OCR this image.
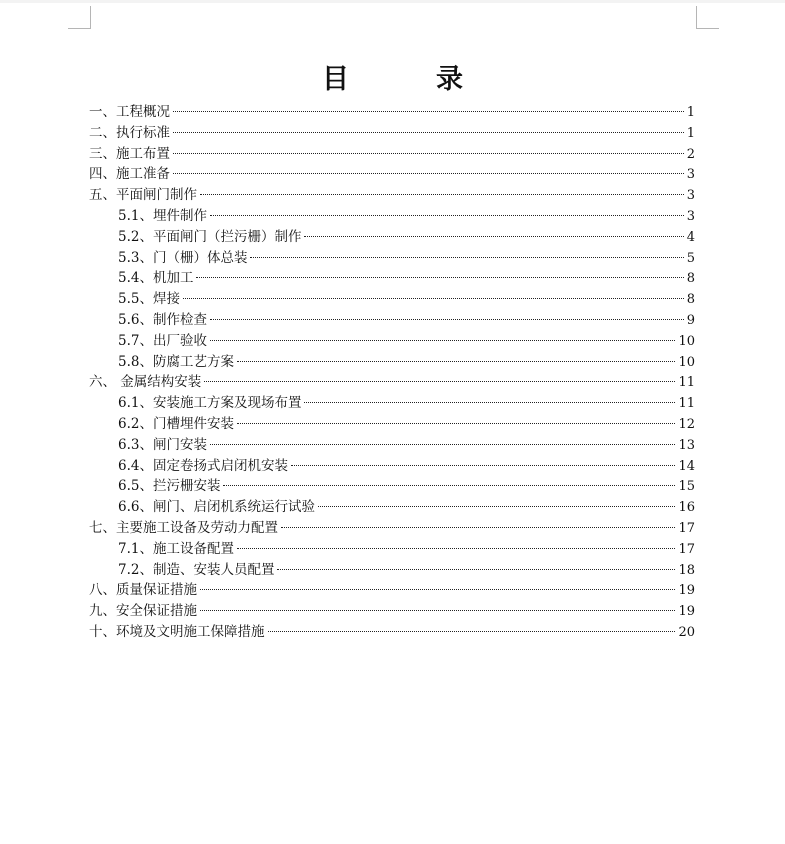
目　录
一、工程概况	1
二、执行标准	1
三、施工布置	2
四、施工准备	3
五、平面闸门制作	3
5.1、埋件制作	3
5.2、平面闸门（拦污栅）制作	4
5.3、门（栅）体总装	5
5.4、机加工	8
5.5、焊接	8
5.6、制作检查	9
5.7、出厂验收	10
5.8、防腐工艺方案	10
六、 金属结构安装	11
6.1、安装施工方案及现场布置	11
6.2、门槽埋件安装	12
6.3、闸门安装	13
6.4、固定卷扬式启闭机安装	14
6.5、拦污栅安装	15
6.6、闸门、启闭机系统运行试验	16
七、主要施工设备及劳动力配置	17
7.1、施工设备配置	17
7.2、制造、安装人员配置	18
八、质量保证措施	19
九、安全保证措施	19
十、环境及文明施工保障措施	20
